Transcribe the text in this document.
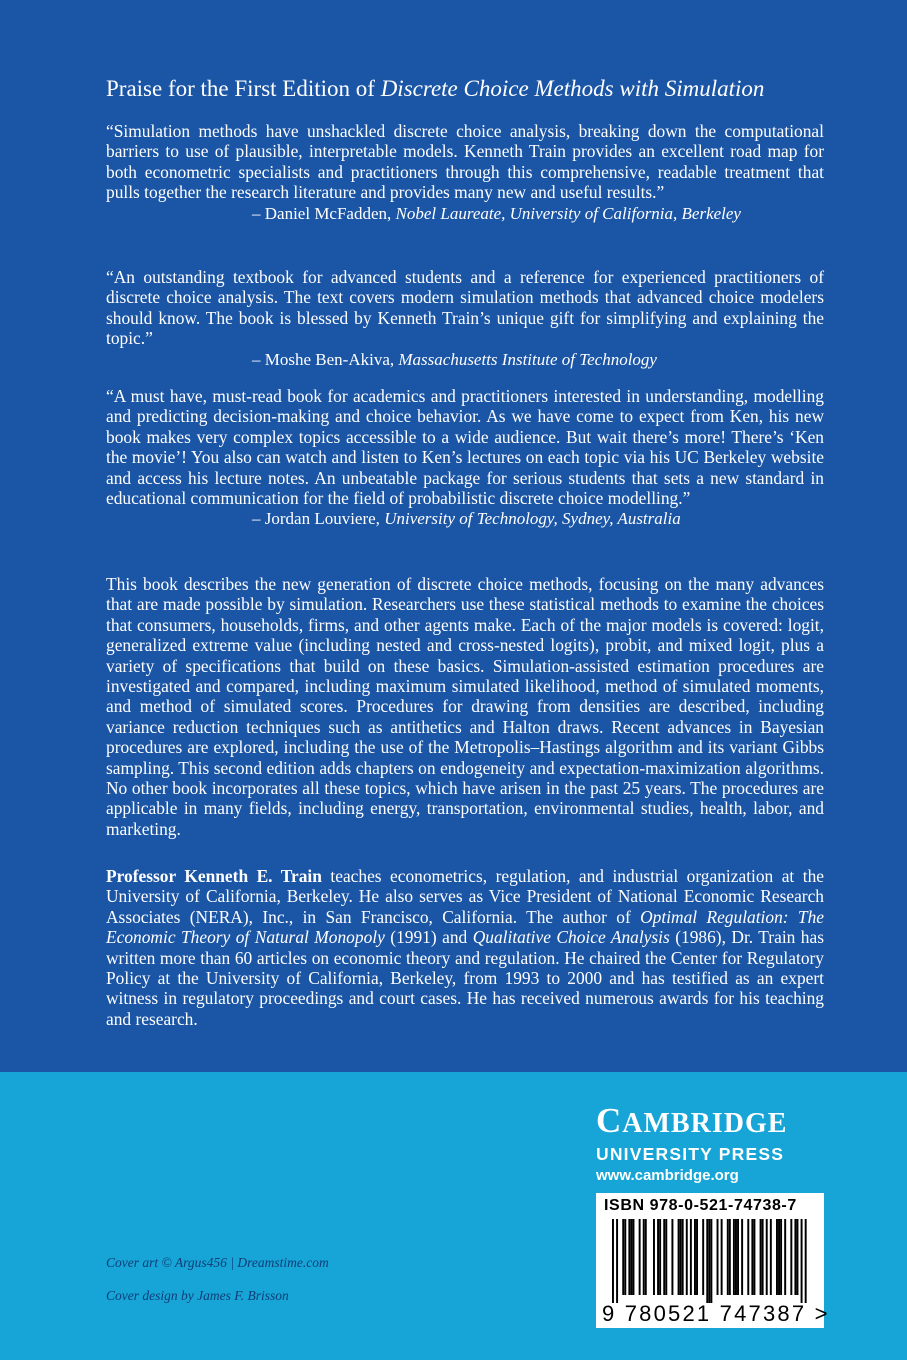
Praise for the First Edition of Discrete Choice Methods with Simulation

“Simulation methods have unshackled discrete choice analysis, breaking down the computational barriers to use of plausible, interpretable models. Kenneth Train provides an excellent road map for both econometric specialists and practitioners through this comprehensive, readable treatment that pulls together the research literature and provides many new and useful results.”

– Daniel McFadden, Nobel Laureate, University of California, Berkeley

“An outstanding textbook for advanced students and a reference for experienced practitioners of discrete choice analysis. The text covers modern simulation methods that advanced choice modelers should know. The book is blessed by Kenneth Train’s unique gift for simplifying and explaining the topic.”

– Moshe Ben-Akiva, Massachusetts Institute of Technology

“A must have, must-read book for academics and practitioners interested in understanding, modelling and predicting decision-making and choice behavior. As we have come to expect from Ken, his new book makes very complex topics accessible to a wide audience. But wait there’s more! There’s ‘Ken the movie’! You also can watch and listen to Ken’s lectures on each topic via his UC Berkeley website and access his lecture notes. An unbeatable package for serious students that sets a new standard in educational communication for the field of probabilistic discrete choice modelling.”

– Jordan Louviere, University of Technology, Sydney, Australia

This book describes the new generation of discrete choice methods, focusing on the many advances that are made possible by simulation. Researchers use these statistical methods to examine the choices that consumers, households, firms, and other agents make. Each of the major models is covered: logit, generalized extreme value (including nested and cross-nested logits), probit, and mixed logit, plus a variety of specifications that build on these basics. Simulation-assisted estimation procedures are investigated and compared, including maximum simulated likelihood, method of simulated moments, and method of simulated scores. Procedures for drawing from densities are described, including variance reduction techniques such as antithetics and Halton draws. Recent advances in Bayesian procedures are explored, including the use of the Metropolis–Hastings algorithm and its variant Gibbs sampling. This second edition adds chapters on endogeneity and expectation-maximization algorithms. No other book incorporates all these topics, which have arisen in the past 25 years. The procedures are applicable in many fields, including energy, transportation, environmental studies, health, labor, and marketing.

Professor Kenneth E. Train teaches econometrics, regulation, and industrial organization at the University of California, Berkeley. He also serves as Vice President of National Economic Research Associates (NERA), Inc., in San Francisco, California. The author of Optimal Regulation: The Economic Theory of Natural Monopoly (1991) and Qualitative Choice Analysis (1986), Dr. Train has written more than 60 articles on economic theory and regulation. He chaired the Center for Regulatory Policy at the University of California, Berkeley, from 1993 to 2000 and has testified as an expert witness in regulatory proceedings and court cases. He has received numerous awards for his teaching and research.

CAMBRIDGE
UNIVERSITY PRESS
www.cambridge.org
ISBN 978-0-521-74738-7
9 780521 747387 >
Cover art © Argus456 | Dreamstime.com
Cover design by James F. Brisson
